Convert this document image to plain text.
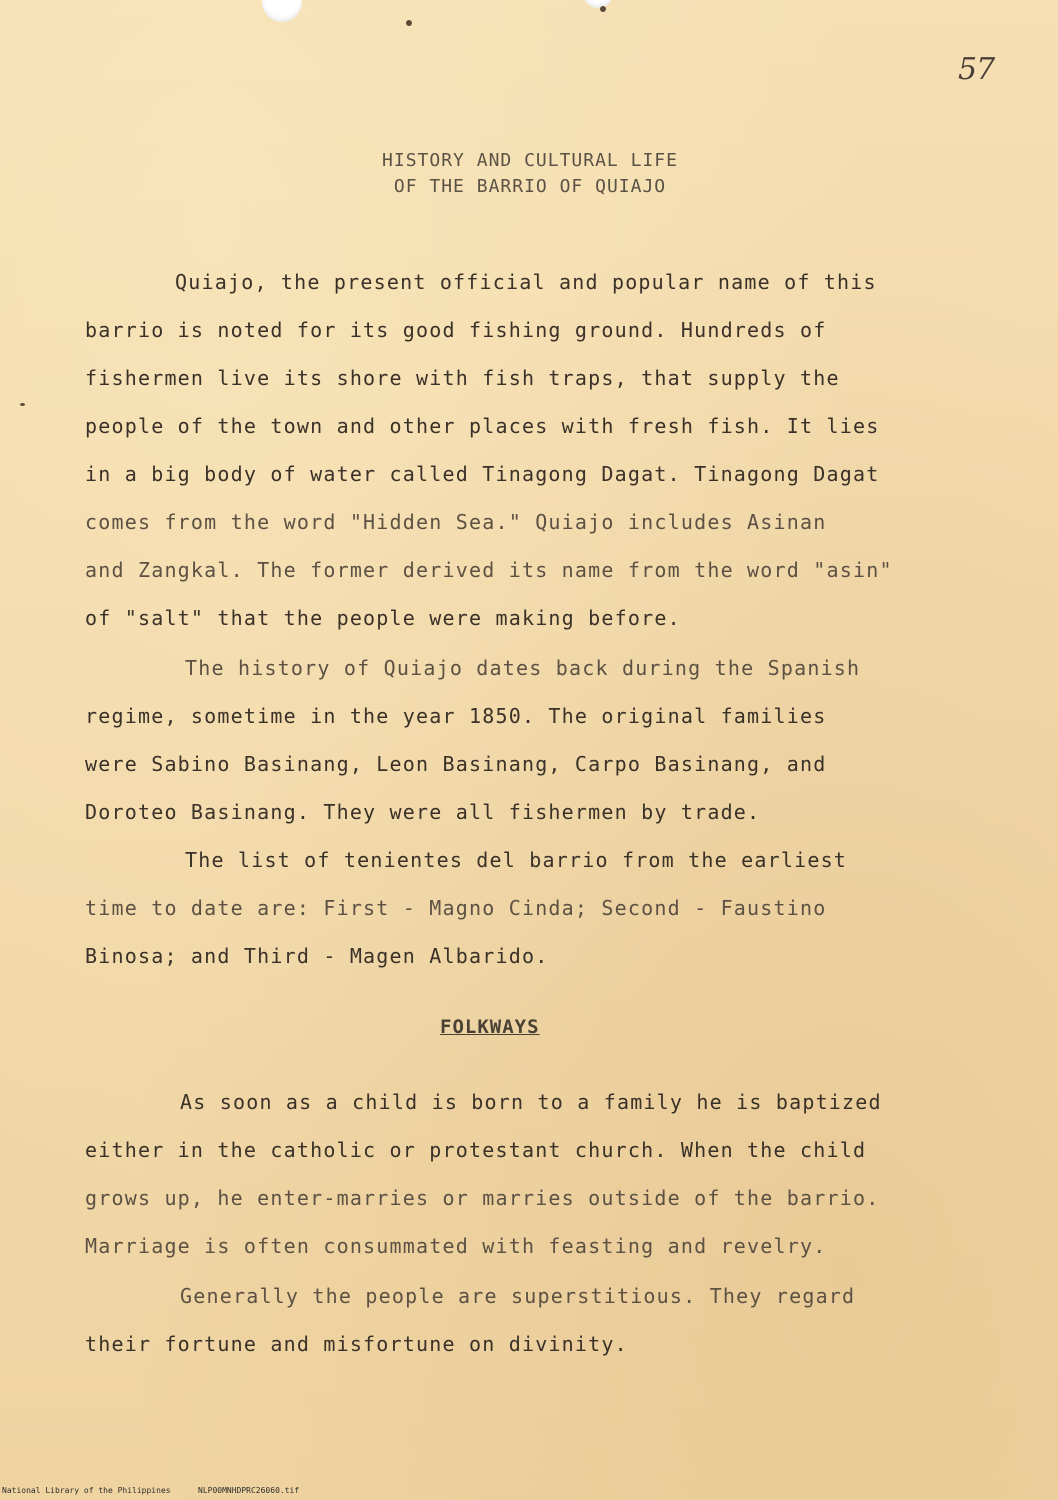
57
HISTORY AND CULTURAL LIFE
OF THE BARRIO OF QUIAJO
Quiajo, the present official and popular name of this
barrio is noted for its good fishing ground. Hundreds of
fishermen live its shore with fish traps, that supply the
people of the town and other places with fresh fish. It lies
in a big body of water called Tinagong Dagat. Tinagong Dagat
comes from the word "Hidden Sea." Quiajo includes Asinan
and Zangkal. The former derived its name from the word "asin"
of "salt" that the people were making before.
The history of Quiajo dates back during the Spanish
regime, sometime in the year 1850. The original families
were Sabino Basinang, Leon Basinang, Carpo Basinang, and
Doroteo Basinang. They were all fishermen by trade.
The list of tenientes del barrio from the earliest
time to date are: First - Magno Cinda; Second - Faustino
Binosa; and Third - Magen Albarido.
FOLKWAYS
As soon as a child is born to a family he is baptized
either in the catholic or protestant church. When the child
grows up, he enter-marries or marries outside of the barrio.
Marriage is often consummated with feasting and revelry.
Generally the people are superstitious. They regard
their fortune and misfortune on divinity.
National Library of the Philippines	NLP00MNHDPRC26060.tif
